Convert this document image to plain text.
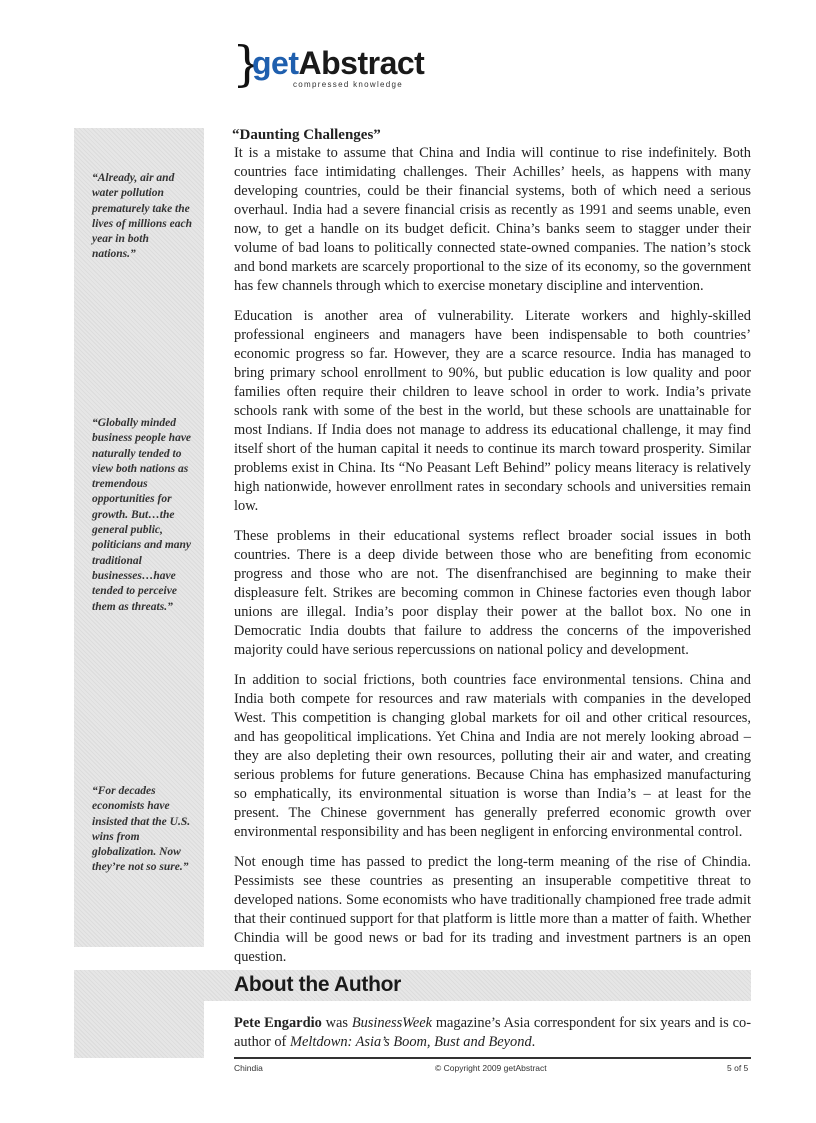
}
getAbstract
compressed knowledge
“Already, air and water pollution prematurely take the lives of millions each year in both nations.”
“Globally minded business people have naturally tended to view both nations as tremendous opportunities for growth. But…the general public, politicians and many traditional businesses…have tended to perceive them as threats.”
“For decades economists have insisted that the U.S. wins from globalization. Now they’re not so sure.”
“Daunting Challenges”

It is a mistake to assume that China and India will continue to rise indefinitely. Both countries face intimidating challenges. Their Achilles’ heels, as happens with many developing countries, could be their financial systems, both of which need a serious overhaul. India had a severe financial crisis as recently as 1991 and seems unable, even now, to get a handle on its budget deficit. China’s banks seem to stagger under their volume of bad loans to politically connected state-owned companies. The nation’s stock and bond markets are scarcely proportional to the size of its economy, so the government has few channels through which to exercise monetary discipline and intervention.

Education is another area of vulnerability. Literate workers and highly-skilled professional engineers and managers have been indispensable to both countries’ economic progress so far. However, they are a scarce resource. India has managed to bring primary school enrollment to 90%, but public education is low quality and poor families often require their children to leave school in order to work. India’s private schools rank with some of the best in the world, but these schools are unattainable for most Indians. If India does not manage to address its educational challenge, it may find itself short of the human capital it needs to continue its march toward prosperity. Similar problems exist in China. Its “No Peasant Left Behind” policy means literacy is relatively high nationwide, however enrollment rates in secondary schools and universities remain low.

These problems in their educational systems reflect broader social issues in both countries. There is a deep divide between those who are benefiting from economic progress and those who are not. The disenfranchised are beginning to make their displeasure felt. Strikes are becoming common in Chinese factories even though labor unions are illegal. India’s poor display their power at the ballot box. No one in Democratic India doubts that failure to address the concerns of the impoverished majority could have serious repercussions on national policy and development.

In addition to social frictions, both countries face environmental tensions. China and India both compete for resources and raw materials with companies in the developed West. This competition is changing global markets for oil and other critical resources, and has geopolitical implications. Yet China and India are not merely looking abroad – they are also depleting their own resources, polluting their air and water, and creating serious problems for future generations. Because China has emphasized manufacturing so emphatically, its environmental situation is worse than India’s – at least for the present. The Chinese government has generally preferred economic growth over environmental responsibility and has been negligent in enforcing environmental control.

Not enough time has passed to predict the long-term meaning of the rise of Chindia. Pessimists see these countries as presenting an insuperable competitive threat to developed nations. Some economists who have traditionally championed free trade admit that their continued support for that platform is little more than a matter of faith. Whether Chindia will be good news or bad for its trading and investment partners is an open question.

About the Author
Pete Engardio was BusinessWeek magazine’s Asia correspondent for six years and is co-author of Meltdown: Asia’s Boom, Bust and Beyond.
Chindia	© Copyright 2009 getAbstract	5 of 5
